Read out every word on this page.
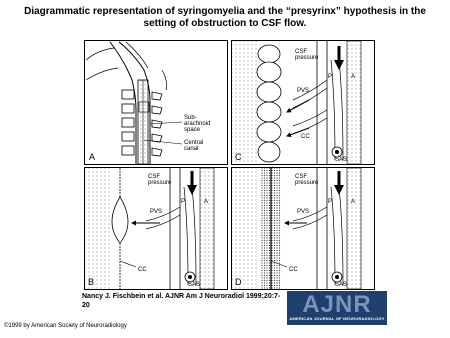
Diagrammatic representation of syringomyelia and the “presyrinx” hypothesis in the setting of obstruction to CSF flow.
Sub-
arachnoid
space
Central
canal
A
CSF
pressure
P	A
PVS
CC
SAS
C
CSF
pressure
P	A
PVS
CC
SAS
B
CSF
pressure
P	A
PVS
CC
SAS
D
Nancy J. Fischbein et al. AJNR Am J Neuroradiol 1999;20:7-20	AJNR
AMERICAN JOURNAL OF NEURORADIOLOGY
©1999 by American Society of Neuroradiology
